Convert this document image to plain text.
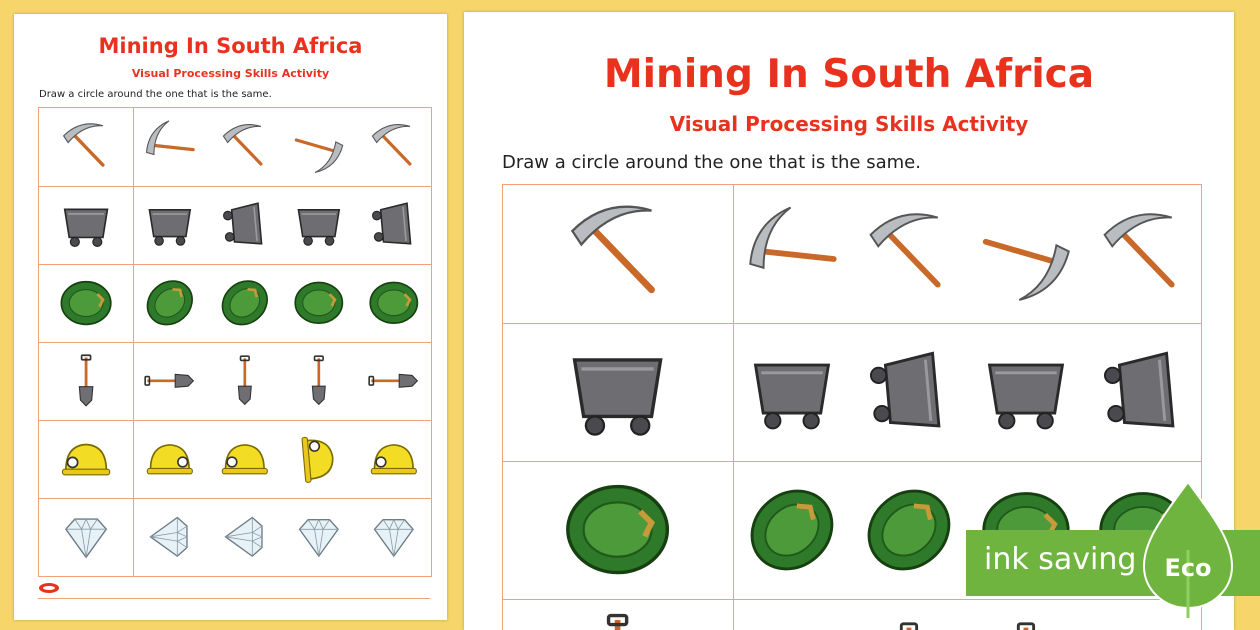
Mining In South Africa
Visual Processing Skills Activity
Draw a circle around the one that is the same.	Mining In South Africa
Visual Processing Skills Activity
Draw a circle around the one that is the same.
ink saving Eco
